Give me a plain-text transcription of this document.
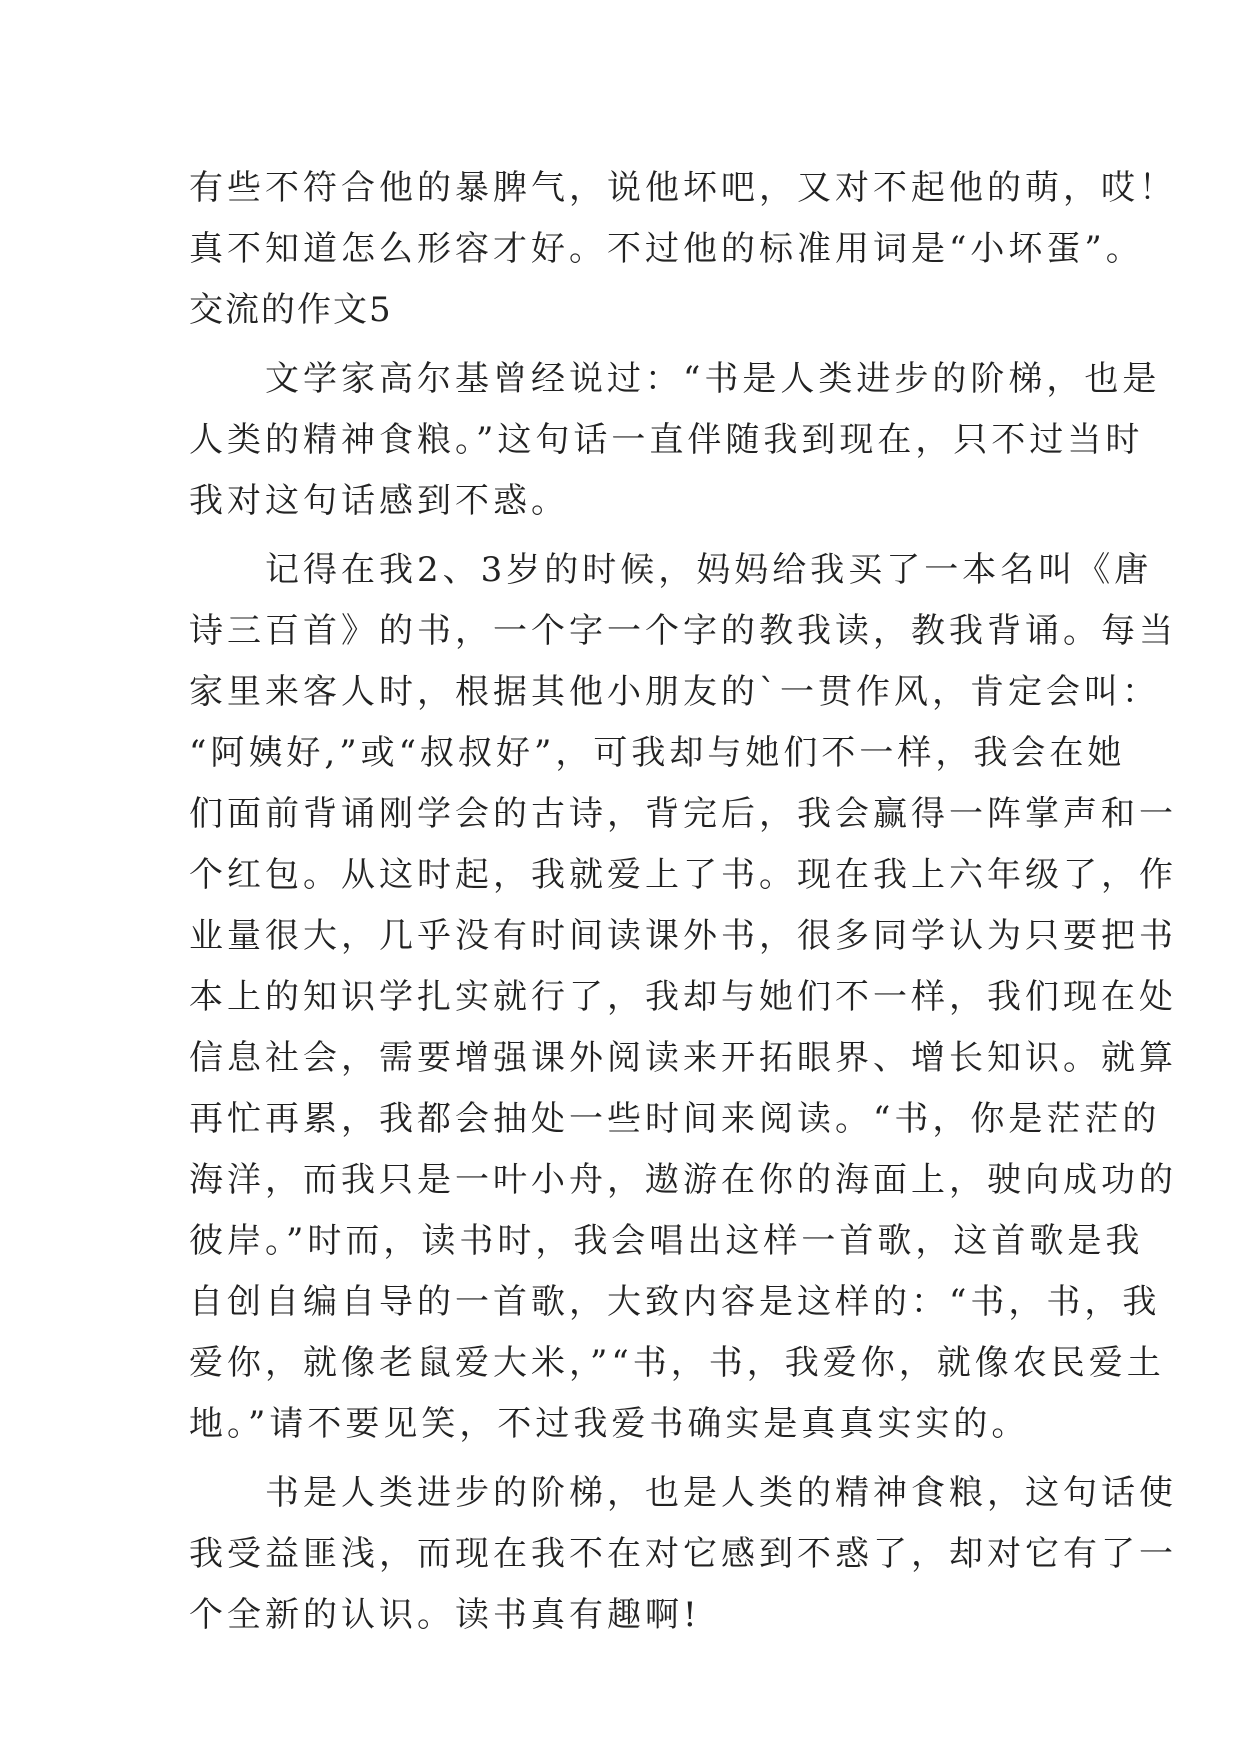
有些不符合他的暴脾气，说他坏吧，又对不起他的萌，哎！
真不知道怎么形容才好。不过他的标准用词是“小坏蛋”。
交流的作文5
　　文学家高尔基曾经说过：“书是人类进步的阶梯，也是
人类的精神食粮。”这句话一直伴随我到现在，只不过当时
我对这句话感到不惑。
　　记得在我2、3岁的时候，妈妈给我买了一本名叫《唐
诗三百首》的书，一个字一个字的教我读，教我背诵。每当
家里来客人时，根据其他小朋友的`一贯作风，肯定会叫：
“阿姨好,”或“叔叔好”，可我却与她们不一样，我会在她
们面前背诵刚学会的古诗，背完后，我会赢得一阵掌声和一
个红包。从这时起，我就爱上了书。现在我上六年级了，作
业量很大，几乎没有时间读课外书，很多同学认为只要把书
本上的知识学扎实就行了，我却与她们不一样，我们现在处
信息社会，需要增强课外阅读来开拓眼界、增长知识。就算
再忙再累，我都会抽处一些时间来阅读。“书，你是茫茫的
海洋，而我只是一叶小舟，遨游在你的海面上，驶向成功的
彼岸。”时而，读书时，我会唱出这样一首歌，这首歌是我
自创自编自导的一首歌，大致内容是这样的：“书，书，我
爱你，就像老鼠爱大米，”“书，书，我爱你，就像农民爱土
地。”请不要见笑，不过我爱书确实是真真实实的。
　　书是人类进步的阶梯，也是人类的精神食粮，这句话使
我受益匪浅，而现在我不在对它感到不惑了，却对它有了一
个全新的认识。读书真有趣啊!
